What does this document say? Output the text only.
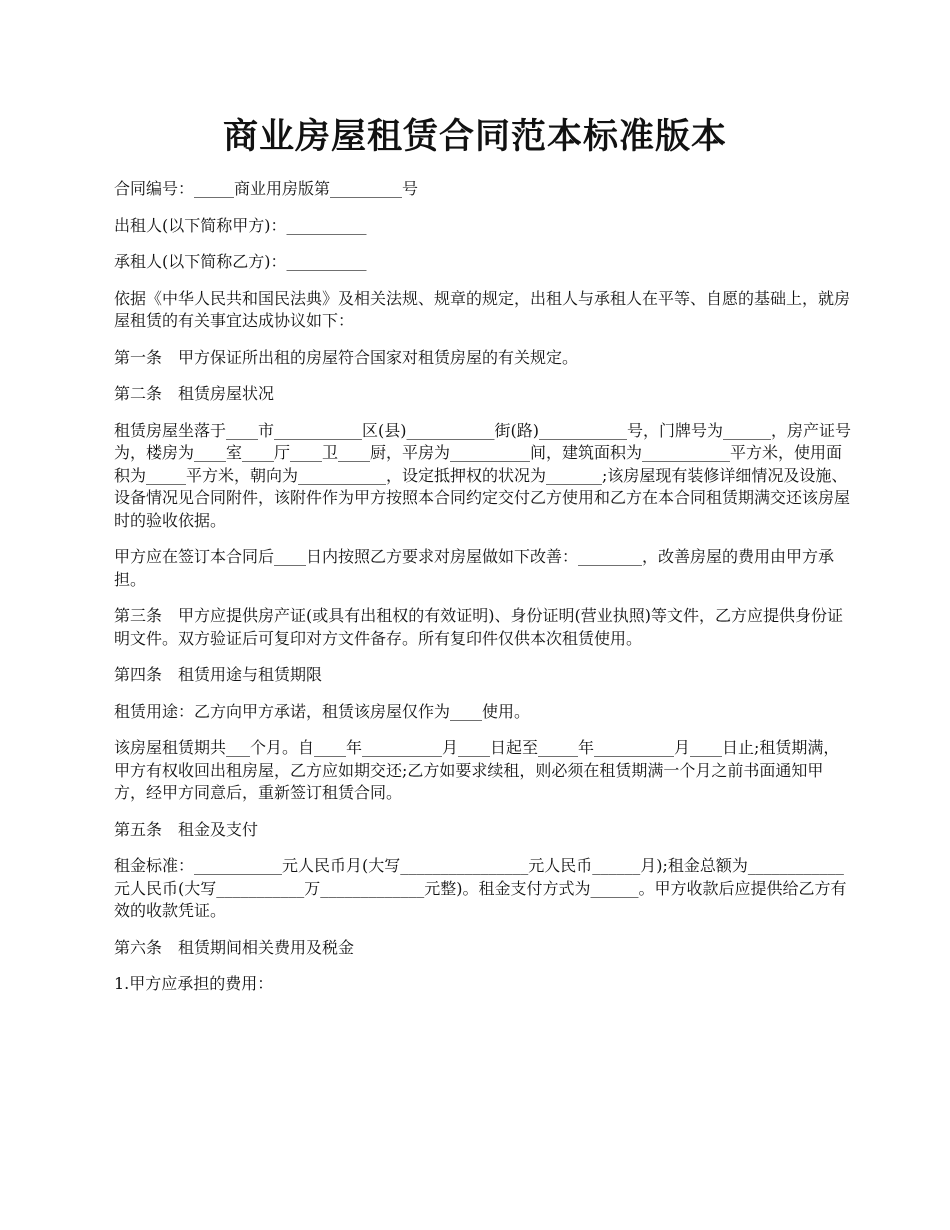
商业房屋租赁合同范本标准版本

合同编号：_____商业用房版第_________号

出租人(以下简称甲方)：__________

承租人(以下简称乙方)：__________

依据《中华人民共和国民法典》及相关法规、规章的规定，出租人与承租人在平等、自愿的基础上，就房屋租赁的有关事宜达成协议如下：

第一条　甲方保证所出租的房屋符合国家对租赁房屋的有关规定。

第二条　租赁房屋状况

租赁房屋坐落于____市___________区(县)___________街(路)___________号，门牌号为______，房产证号为，楼房为____室____厅____卫____厨，平房为__________间，建筑面积为___________平方米，使用面积为_____平方米，朝向为___________，设定抵押权的状况为_______;该房屋现有装修详细情况及设施、设备情况见合同附件，该附件作为甲方按照本合同约定交付乙方使用和乙方在本合同租赁期满交还该房屋时的验收依据。

甲方应在签订本合同后____日内按照乙方要求对房屋做如下改善：________，改善房屋的费用由甲方承担。

第三条　甲方应提供房产证(或具有出租权的有效证明)、身份证明(营业执照)等文件，乙方应提供身份证明文件。双方验证后可复印对方文件备存。所有复印件仅供本次租赁使用。

第四条　租赁用途与租赁期限

租赁用途：乙方向甲方承诺，租赁该房屋仅作为____使用。

该房屋租赁期共___个月。自____年__________月____日起至_____年__________月____日止;租赁期满，甲方有权收回出租房屋，乙方应如期交还;乙方如要求续租，则必须在租赁期满一个月之前书面通知甲方，经甲方同意后，重新签订租赁合同。

第五条　租金及支付

租金标准：___________元人民币月(大写________________元人民币______月);租金总额为____________元人民币(大写___________万_____________元整)。租金支付方式为______。甲方收款后应提供给乙方有效的收款凭证。

第六条　租赁期间相关费用及税金

1.甲方应承担的费用：
